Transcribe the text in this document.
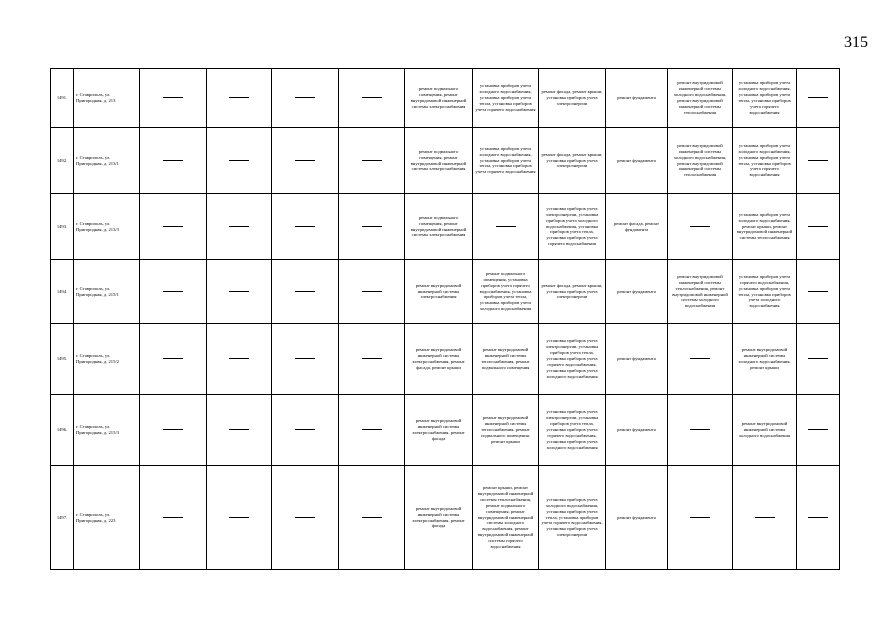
315
1491.	г. Ставрополь, ул. Пригородная, д. 213					ремонт подвального помещения, ремонт внутридомовой инженерной системы электроснабжения	установка приборов учета холодного водоснабжения, установка приборов учета тепла, установка приборов учета горячего водоснабжения	ремонт фасада, ремонт крыши, установка приборов учета электроэнергии	ремонт фундамента	ремонт внутридомовой инженерной системы холодного водоснабжения, ремонт внутридомовой инженерной системы теплоснабжения	установка приборов учета холодного водоснабжения, установка приборов учета тепла, установка приборов учета горячего водоснабжения	
1492.	г. Ставрополь, ул. Пригородная, д. 213/1					ремонт подвального помещения, ремонт внутридомовой инженерной системы электроснабжения	установка приборов учета холодного водоснабжения, установка приборов учета тепла, установка приборов учета горячего водоснабжения	ремонт фасада, ремонт крыши, установка приборов учета электроэнергии	ремонт фундамента	ремонт внутридомовой инженерной системы холодного водоснабжения, ремонт внутридомовой инженерной системы теплоснабжения	установка приборов учета холодного водоснабжения, установка приборов учета тепла, установка приборов учета горячего водоснабжения	
1493.	г. Ставрополь, ул. Пригородная, д. 213/3					ремонт подвального помещения, ремонт внутридомовой инженерной системы электроснабжения		установка приборов учета электроэнергии, установка приборов учета холодного водоснабжения, установка приборов учета тепла, установка приборов учета горячего водоснабжения	ремонт фасада, ремонт фундамента		установка приборов учета холодного водоснабжения, ремонт крыши, ремонт внутридомовой инженерной системы теплоснабжения	
1494.	г. Ставрополь, ул. Пригородная, д. 215/1					ремонт внутридомовой инженерной системы электроснабжения	ремонт подвального помещения, установка приборов учета горячего водоснабжения, установка приборов учета тепла, установка приборов учета холодного водоснабжения	ремонт фасада, ремонт крыши, установка приборов учета электроэнергии	ремонт фундамента	ремонт внутридомовой инженерной системы теплоснабжения, ремонт внутридомовой инженерной системы холодного водоснабжения	установка приборов учета горячего водоснабжения, установка приборов учета тепла, установка приборов учета холодного водоснабжения	
1495.	г. Ставрополь, ул. Пригородная, д. 215/2					ремонт внутридомовой инженерной системы электроснабжения, ремонт фасада, ремонт крыши	ремонт внутридомовой инженерной системы теплоснабжения, ремонт подвального помещения	установка приборов учета электроэнергии, установка приборов учета тепла, установка приборов учета горячего водоснабжения, установка приборов учета холодного водоснабжения	ремонт фундамента		ремонт внутридомовой инженерной системы холодного водоснабжения, ремонт крыши	
1496.	г. Ставрополь, ул. Пригородная, д. 215/3					ремонт внутридомовой инженерной системы электроснабжения, ремонт фасада	ремонт внутридомовой инженерной системы теплоснабжения, ремонт подвального помещения, ремонт крыши	установка приборов учета электроэнергии, установка приборов учета тепла, установка приборов учета горячего водоснабжения, установка приборов учета холодного водоснабжения	ремонт фундамента		ремонт внутридомовой инженерной системы холодного водоснабжения	
1497.	г. Ставрополь, ул. Пригородная, д. 223					ремонт внутридомовой инженерной системы электроснабжения, ремонт фасада	ремонт крыши, ремонт внутридомовой инженерной системы теплоснабжения, ремонт подвального помещения, ремонт внутридомовой инженерной системы холодного водоснабжения, ремонт внутридомовой инженерной системы горячего водоснабжения	установка приборов учета холодного водоснабжения, установка приборов учета тепла, установка приборов учета горячего водоснабжения, установка приборов учета электроэнергии	ремонт фундамента			
